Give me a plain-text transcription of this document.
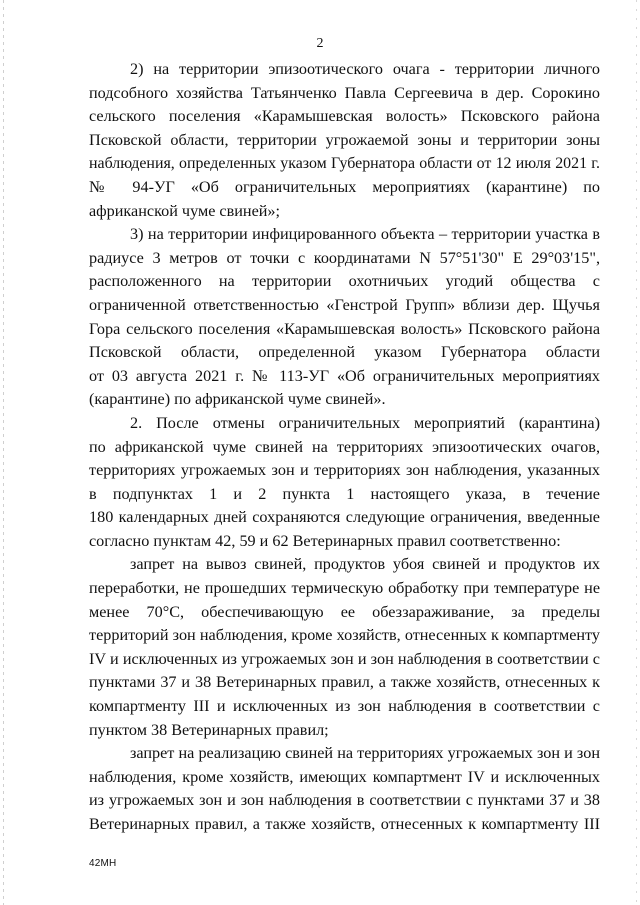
2
2) на территории эпизоотического очага - территории личного
подсобного хозяйства Татьянченко Павла Сергеевича в дер. Сорокино
сельского поселения «Карамышевская волость» Псковского района
Псковской области, территории угрожаемой зоны и территории зоны
наблюдения, определенных указом Губернатора области от 12 июля 2021 г.
№ 94-УГ «Об ограничительных мероприятиях (карантине) по
африканской чуме свиней»;
3) на территории инфицированного объекта – территории участка в
радиусе 3 метров от точки с координатами N 57°51'30" E 29°03'15",
расположенного на территории охотничьих угодий общества с
ограниченной ответственностью «Генстрой Групп» вблизи дер. Щучья
Гора сельского поселения «Карамышевская волость» Псковского района
Псковской области, определенной указом Губернатора области
от 03 августа 2021 г. № 113-УГ «Об ограничительных мероприятиях
(карантине) по африканской чуме свиней».
2. После отмены ограничительных мероприятий (карантина)
по африканской чуме свиней на территориях эпизоотических очагов,
территориях угрожаемых зон и территориях зон наблюдения, указанных
в подпунктах 1 и 2 пункта 1 настоящего указа, в течение
180 календарных дней сохраняются следующие ограничения, введенные
согласно пунктам 42, 59 и 62 Ветеринарных правил соответственно:
запрет на вывоз свиней, продуктов убоя свиней и продуктов их
переработки, не прошедших термическую обработку при температуре не
менее 70°С, обеспечивающую ее обеззараживание, за пределы
территорий зон наблюдения, кроме хозяйств, отнесенных к компартменту
IV и исключенных из угрожаемых зон и зон наблюдения в соответствии с
пунктами 37 и 38 Ветеринарных правил, а также хозяйств, отнесенных к
компартменту III и исключенных из зон наблюдения в соответствии с
пунктом 38 Ветеринарных правил;
запрет на реализацию свиней на территориях угрожаемых зон и зон
наблюдения, кроме хозяйств, имеющих компартмент IV и исключенных
из угрожаемых зон и зон наблюдения в соответствии с пунктами 37 и 38
Ветеринарных правил, а также хозяйств, отнесенных к компартменту III
42МН
